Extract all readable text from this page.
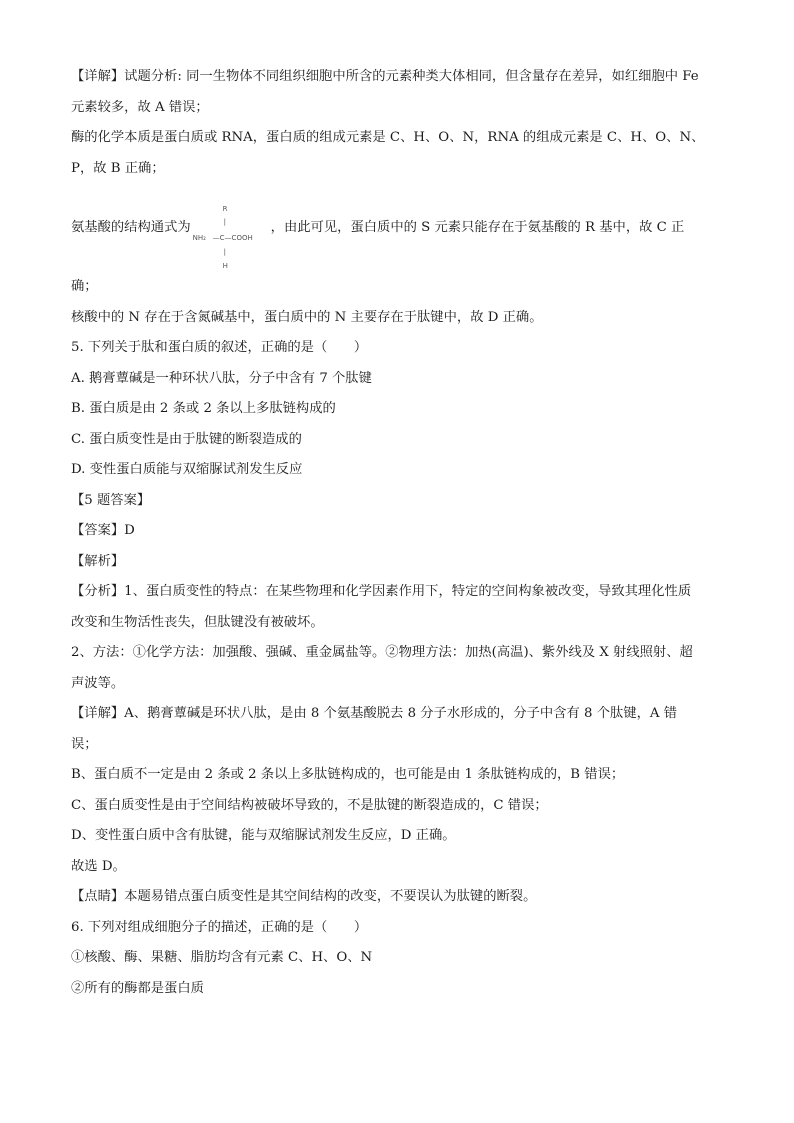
【详解】试题分析: 同一生物体不同组织细胞中所含的元素种类大体相同，但含量存在差异，如红细胞中 Fe
元素较多，故 A 错误；
酶的化学本质是蛋白质或 RNA，蛋白质的组成元素是 C、H、O、N，RNA 的组成元素是 C、H、O、N、
P，故 B 正确；
氨基酸的结构通式为
R
|
NH₂ —C—COOH
|
H
，由此可见，蛋白质中的 S 元素只能存在于氨基酸的 R 基中，故 C 正
确；
核酸中的 N 存在于含氮碱基中，蛋白质中的 N 主要存在于肽键中，故 D 正确。
5. 下列关于肽和蛋白质的叙述，正确的是（　　）
A. 鹅膏蕈碱是一种环状八肽，分子中含有 7 个肽键
B. 蛋白质是由 2 条或 2 条以上多肽链构成的
C. 蛋白质变性是由于肽键的断裂造成的
D. 变性蛋白质能与双缩脲试剂发生反应
【5 题答案】
【答案】D
【解析】
【分析】1、蛋白质变性的特点：在某些物理和化学因素作用下，特定的空间构象被改变，导致其理化性质
改变和生物活性丧失，但肽键没有被破坏。
2、方法：①化学方法：加强酸、强碱、重金属盐等。②物理方法：加热(高温)、紫外线及 X 射线照射、超
声波等。
【详解】A、鹅膏蕈碱是环状八肽，是由 8 个氨基酸脱去 8 分子水形成的，分子中含有 8 个肽键，A 错
误；
B、蛋白质不一定是由 2 条或 2 条以上多肽链构成的，也可能是由 1 条肽链构成的，B 错误；
C、蛋白质变性是由于空间结构被破坏导致的，不是肽键的断裂造成的，C 错误；
D、变性蛋白质中含有肽键，能与双缩脲试剂发生反应，D 正确。
故选 D。
【点睛】本题易错点蛋白质变性是其空间结构的改变，不要误认为肽键的断裂。
6. 下列对组成细胞分子的描述，正确的是（　　）
①核酸、酶、果糖、脂肪均含有元素 C、H、O、N
②所有的酶都是蛋白质
